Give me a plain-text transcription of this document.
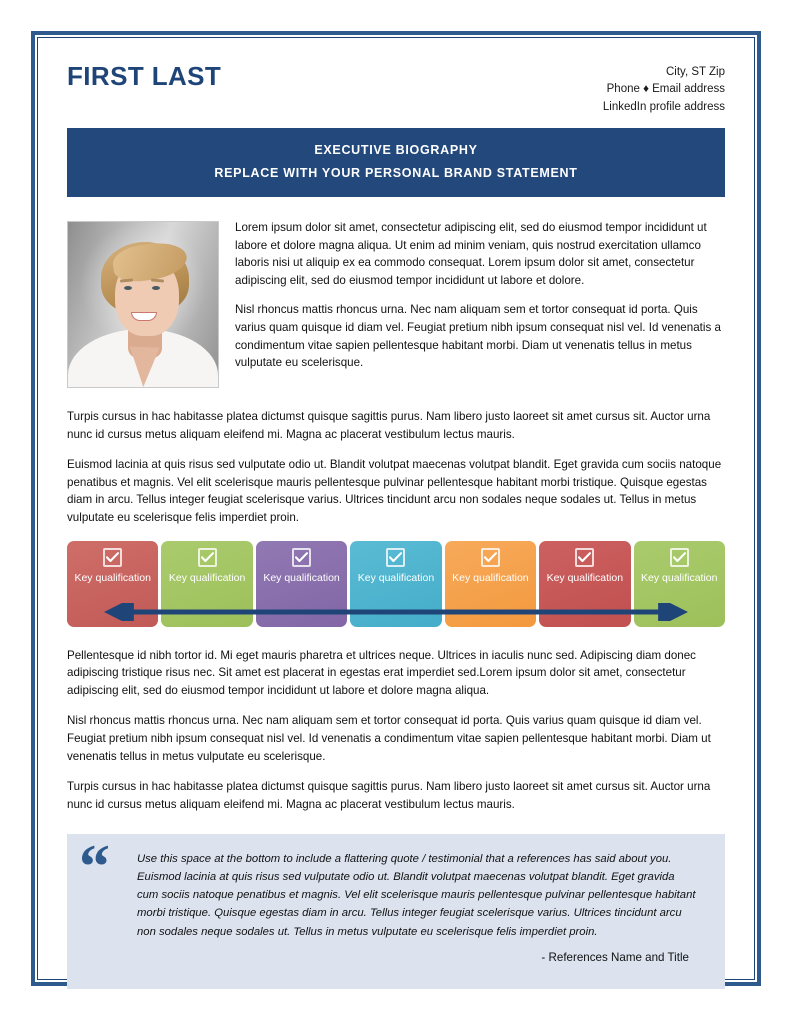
FIRST LAST	City, ST Zip
Phone ♦ Email address
LinkedIn profile address
EXECUTIVE BIOGRAPHY
REPLACE WITH YOUR PERSONAL BRAND STATEMENT

Lorem ipsum dolor sit amet, consectetur adipiscing elit, sed do eiusmod tempor incididunt ut labore et dolore magna aliqua. Ut enim ad minim veniam, quis nostrud exercitation ullamco laboris nisi ut aliquip ex ea commodo consequat. Lorem ipsum dolor sit amet, consectetur adipiscing elit, sed do eiusmod tempor incididunt ut labore et dolore.

Nisl rhoncus mattis rhoncus urna. Nec nam aliquam sem et tortor consequat id porta. Quis varius quam quisque id diam vel. Feugiat pretium nibh ipsum consequat nisl vel. Id venenatis a condimentum vitae sapien pellentesque habitant morbi. Diam ut venenatis tellus in metus vulputate eu scelerisque.

Turpis cursus in hac habitasse platea dictumst quisque sagittis purus. Nam libero justo laoreet sit amet cursus sit. Auctor urna nunc id cursus metus aliquam eleifend mi. Magna ac placerat vestibulum lectus mauris.

Euismod lacinia at quis risus sed vulputate odio ut. Blandit volutpat maecenas volutpat blandit. Eget gravida cum sociis natoque penatibus et magnis. Vel elit scelerisque mauris pellentesque pulvinar pellentesque habitant morbi tristique. Quisque egestas diam in arcu. Tellus integer feugiat scelerisque varius. Ultrices tincidunt arcu non sodales neque sodales ut. Tellus in metus vulputate eu scelerisque felis imperdiet proin.

Key qualification Key qualification Key qualification Key qualification Key qualification Key qualification Key qualification

Pellentesque id nibh tortor id. Mi eget mauris pharetra et ultrices neque. Ultrices in iaculis nunc sed. Adipiscing diam donec adipiscing tristique risus nec. Sit amet est placerat in egestas erat imperdiet sed.Lorem ipsum dolor sit amet, consectetur adipiscing elit, sed do eiusmod tempor incididunt ut labore et dolore magna aliqua.

Nisl rhoncus mattis rhoncus urna. Nec nam aliquam sem et tortor consequat id porta. Quis varius quam quisque id diam vel. Feugiat pretium nibh ipsum consequat nisl vel. Id venenatis a condimentum vitae sapien pellentesque habitant morbi. Diam ut venenatis tellus in metus vulputate eu scelerisque.

Turpis cursus in hac habitasse platea dictumst quisque sagittis purus. Nam libero justo laoreet sit amet cursus sit. Auctor urna nunc id cursus metus aliquam eleifend mi. Magna ac placerat vestibulum lectus mauris.

“	Use this space at the bottom to include a flattering quote / testimonial that a references has said about you. Euismod lacinia at quis risus sed vulputate odio ut. Blandit volutpat maecenas volutpat blandit. Eget gravida cum sociis natoque penatibus et magnis. Vel elit scelerisque mauris pellentesque pulvinar pellentesque habitant morbi tristique. Quisque egestas diam in arcu. Tellus integer feugiat scelerisque varius. Ultrices tincidunt arcu non sodales neque sodales ut. Tellus in metus vulputate eu scelerisque felis imperdiet proin.

- References Name and Title
